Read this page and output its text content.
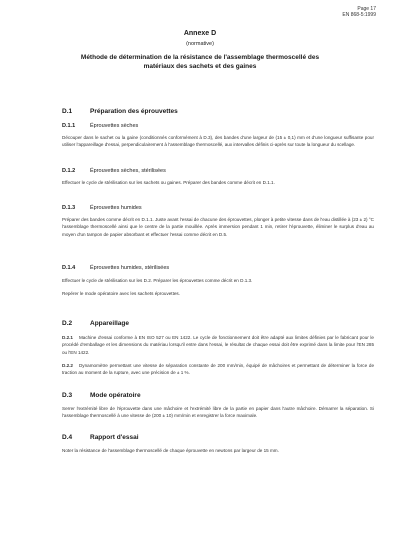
Page 17
EN 868-5:1999
Annexe D
(normative)
Méthode de détermination de la résistance de l'assemblage thermoscellé des matériaux des sachets et des gaines
D.1	Préparation des éprouvettes
D.1.1	Éprouvettes sèches
Découper dans le sachet ou la gaine (conditionnés conformément à D.3), des bandes d'une largeur de (15 ± 0,1) mm et d'une longueur suffisante pour utiliser l'appareillage d'essai, perpendiculairement à l'assemblage thermoscellé, aux intervalles définis ci-après sur toute la longueur du scellage.
D.1.2	Éprouvettes sèches, stérilisées
Effectuer le cycle de stérilisation sur les sachets ou gaines. Préparer des bandes comme décrit en D.1.1.
D.1.3	Éprouvettes humides
Préparer des bandes comme décrit en D.1.1. Juste avant l'essai de chacune des éprouvettes, plonger à petite vitesse dans de l'eau distillée à (23 ± 2) °C l'assemblage thermoscellé ainsi que le centre de la partie mouillée. Après immersion pendant 1 min, retirer l'éprouvette, éliminer le surplus d'eau au moyen d'un tampon de papier absorbant et effectuer l'essai comme décrit en D.5.
D.1.4	Éprouvettes humides, stérilisées
Effectuer le cycle de stérilisation sur les D.2. Préparer les éprouvettes comme décrit en D.1.3.
Repérer le mode opératoire avec les sachets éprouvettes.
D.2	Appareillage
D.2.1 Machine d'essai conforme à EN ISO 527 ou EN 1422. Le cycle de fonctionnement doit être adapté aux limites définies par le fabricant pour le procédé d'emballage et les dimensions du matériau lorsqu'il entre dans l'essai, le résultat de chaque essai doit être exprimé dans la limite pour l'EN 285 ou l'EN 1422.
D.2.2 Dynamomètre permettant une vitesse de séparation constante de 200 mm/min, équipé de mâchoires et permettant de déterminer la force de traction au moment de la rupture, avec une précision de ± 1 %.
D.3	Mode opératoire
Serrer l'extrémité libre de l'éprouvette dans une mâchoire et l'extrémité libre de la partie en papier dans l'autre mâchoire. Démarrer la séparation. Si l'assemblage thermoscellé à une vitesse de (200 ± 10) mm/min et enregistrer la force maximale.
D.4	Rapport d'essai
Noter la résistance de l'assemblage thermoscellé de chaque éprouvette en newtons par largeur de 15 mm.
